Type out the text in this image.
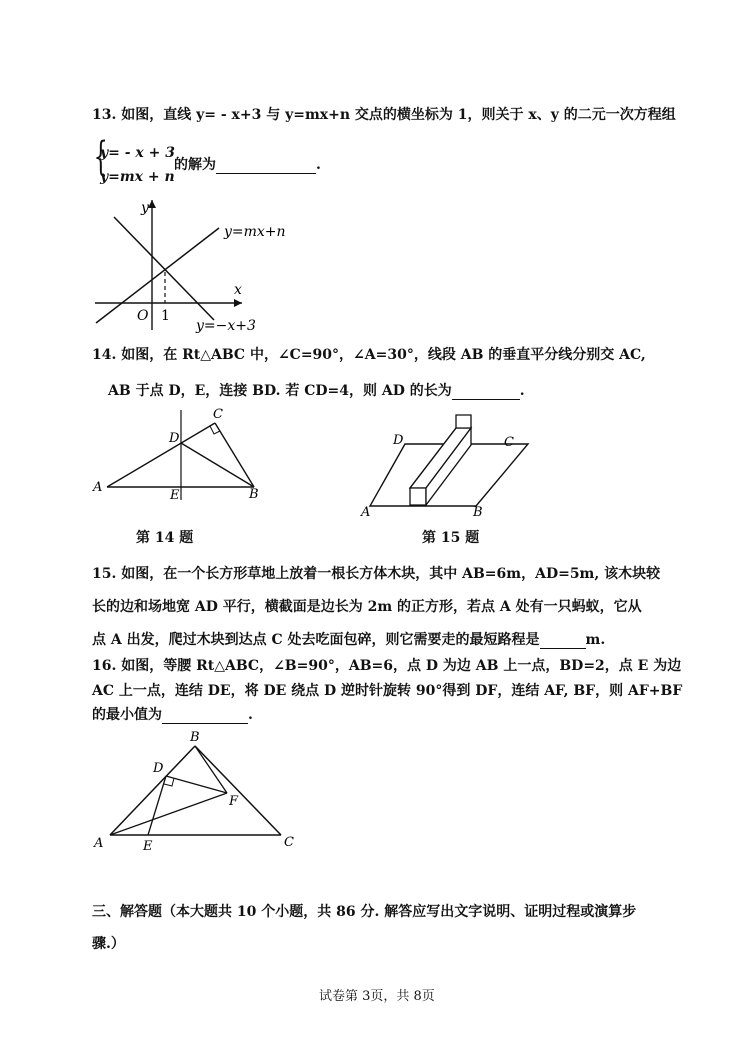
13. 如图，直线 y= - x+3 与 y=mx+n 交点的横坐标为 1，则关于 x、y 的二元一次方程组
{
y= - x + 3
y=mx + n
的解为	.
y
x
O 1
y=mx+n
y=−x+3
14. 如图，在 Rt△ABC 中，∠C=90°，∠A=30°，线段 AB 的垂直平分线分别交 AC,
AB 于点 D，E，连接 BD. 若 CD=4，则 AD 的长为	.
A	B
C
D
E
第 14 题
A	B
C
D
第 15 题
15. 如图，在一个长方形草地上放着一根长方体木块，其中 AB=6m，AD=5m, 该木块较
长的边和场地宽 AD 平行，横截面是边长为 2m 的正方形，若点 A 处有一只蚂蚁，它从
点 A 出发，爬过木块到达点 C 处去吃面包碎，则它需要走的最短路程是	m.
16. 如图，等腰 Rt△ABC，∠B=90°，AB=6，点 D 为边 AB 上一点，BD=2，点 E 为边
AC 上一点，连结 DE，将 DE 绕点 D 逆时针旋转 90°得到 DF，连结 AF, BF，则 AF+BF
的最小值为	.
A
B
C
D
E
F
三、解答题（本大题共 10 个小题，共 86 分. 解答应写出文字说明、证明过程或演算步
骤.）
试卷第 3页，共 8页
